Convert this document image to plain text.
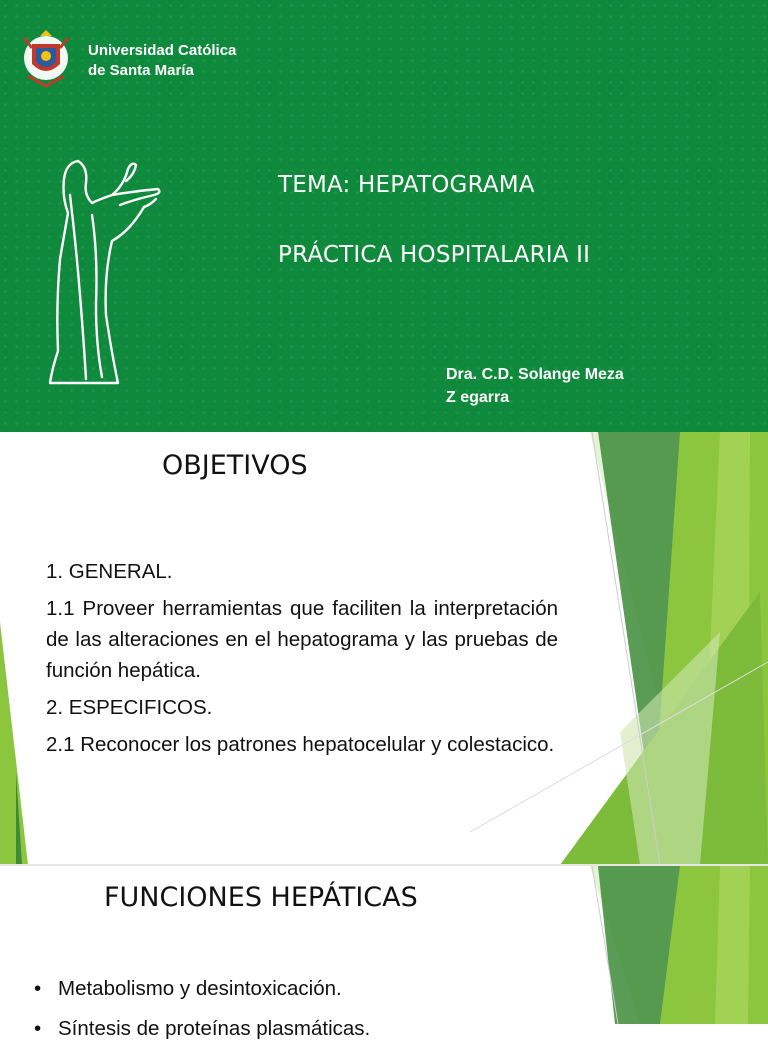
Universidad Católica
de Santa María
TEMA: HEPATOGRAMA
PRÁCTICA HOSPITALARIA II
Dra. C.D. Solange Meza
Z egarra
OBJETIVOS

1. GENERAL.

1.1 Proveer herramientas que faciliten la interpretación de las alteraciones en el hepatograma y las pruebas de función hepática.

2. ESPECIFICOS.

2.1 Reconocer los patrones hepatocelular y colestacico.

FUNCIONES HEPÁTICAS
• Metabolismo y desintoxicación.
• Síntesis de proteínas plasmáticas.
